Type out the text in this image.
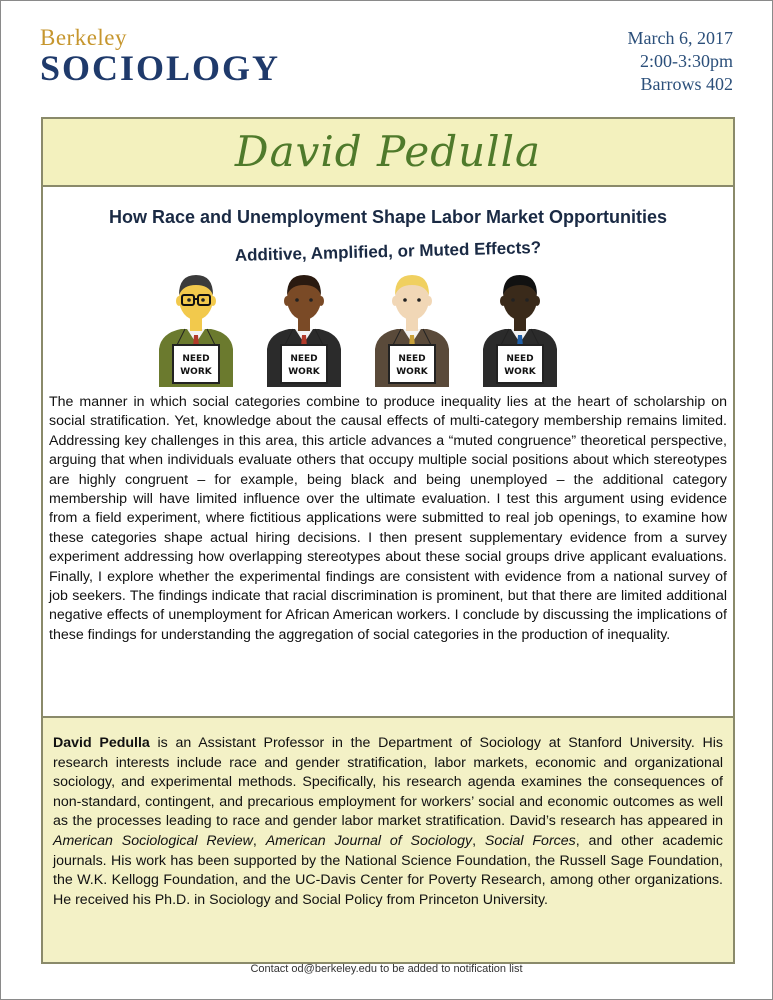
Berkeley
SOCIOLOGY
March 6, 2017
2:00-3:30pm
Barrows 402
David Pedulla
How Race and Unemployment Shape Labor Market Opportunities
Additive, Amplified, or Muted Effects?
NEED
WORK
NEED
WORK
NEED
WORK
NEED
WORK
The manner in which social categories combine to produce inequality lies at the heart of scholarship on social stratification. Yet, knowledge about the causal effects of multi-category membership remains limited. Addressing key challenges in this area, this article advances a “muted congruence” theoretical perspective, arguing that when individuals evaluate others that occupy multiple social positions about which stereotypes are highly congruent – for example, being black and being unemployed – the additional category membership will have limited influence over the ultimate evaluation. I test this argument using evidence from a field experiment, where fictitious applications were submitted to real job openings, to examine how these categories shape actual hiring decisions. I then present supplementary evidence from a survey experiment addressing how overlapping stereotypes about these social groups drive applicant evaluations. Finally, I explore whether the experimental findings are consistent with evidence from a national survey of job seekers. The findings indicate that racial discrimination is prominent, but that there are limited additional negative effects of unemployment for African American workers. I conclude by discussing the implications of these findings for understanding the aggregation of social categories in the production of inequality.
David Pedulla is an Assistant Professor in the Department of Sociology at Stanford University. His research interests include race and gender stratification, labor markets, economic and organizational sociology, and experimental methods. Specifically, his research agenda examines the consequences of non-standard, contingent, and precarious employment for workers’ social and economic outcomes as well as the processes leading to race and gender labor market stratification. David’s research has appeared in American Sociological Review, American Journal of Sociology, Social Forces, and other academic journals. His work has been supported by the National Science Foundation, the Russell Sage Foundation, the W.K. Kellogg Foundation, and the UC-Davis Center for Poverty Research, among other organizations. He received his Ph.D. in Sociology and Social Policy from Princeton University.
Contact od@berkeley.edu to be added to notification list
